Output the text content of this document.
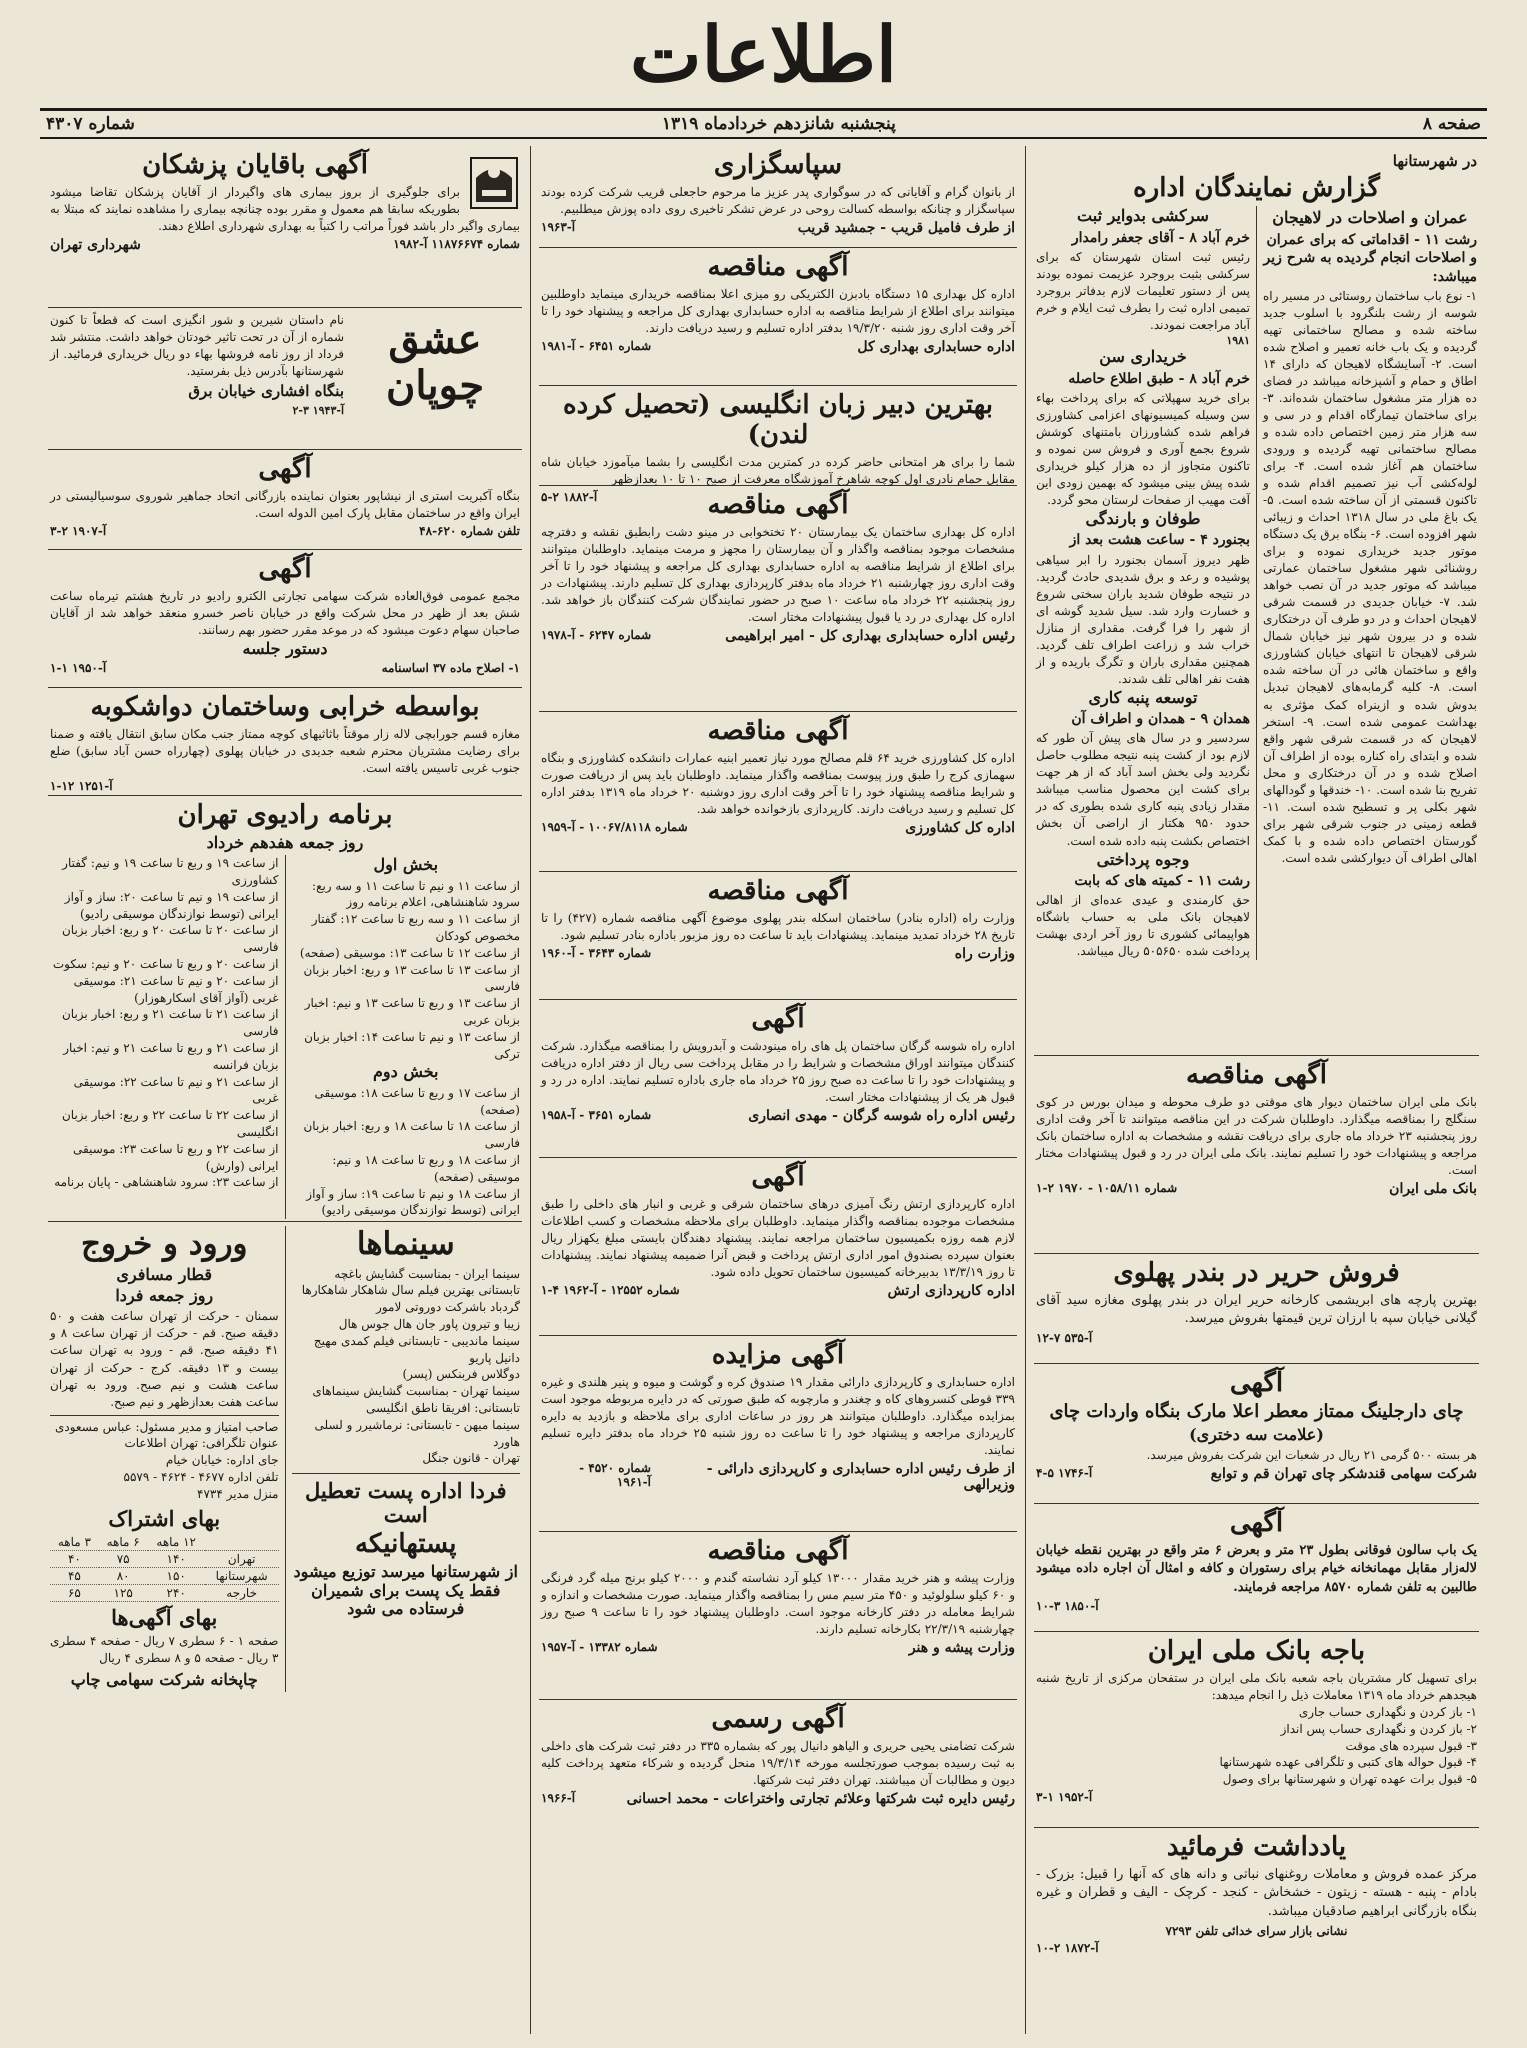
اطلاعات
صفحه ۸
پنجشنبه شانزدهم خردادماه ۱۳۱۹
شماره ۴۳۰۷
در شهرستانها
گزارش نمایندگان اداره
عمران و اصلاحات در لاهیجان
رشت ۱۱ - اقداماتی که برای عمران و اصلاحات انجام گردیده به شرح زیر میباشد:

۱- نوع باب ساختمان روستائی در مسیر راه شوسه از رشت بلنگرود با اسلوب جدید ساخته شده و مصالح ساختمانی تهیه گردیده و یک باب خانه تعمیر و اصلاح شده است. ۲- آسایشگاه لاهیجان که دارای ۱۴ اطاق و حمام و آشپزخانه میباشد در فضای ده هزار متر مشغول ساختمان شده‌اند. ۳- برای ساختمان تیمارگاه اقدام و در سی و سه هزار متر زمین اختصاص داده شده و مصالح ساختمانی تهیه گردیده و ورودی ساختمان هم آغاز شده است. ۴- برای لوله‌کشی آب نیز تصمیم اقدام شده و تاکنون قسمتی از آن ساخته شده است. ۵- یک باغ ملی در سال ۱۳۱۸ احداث و زیبائی شهر افزوده است. ۶- بنگاه برق یک دستگاه موتور جدید خریداری نموده و برای روشنائی شهر مشغول ساختمان عمارتی میباشد که موتور جدید در آن نصب خواهد شد. ۷- خیابان جدیدی در قسمت شرقی لاهیجان احداث و در دو طرف آن درختکاری شده و در بیرون شهر نیز خیابان شمال شرقی لاهیجان تا انتهای خیابان کشاورزی واقع و ساختمان هائی در آن ساخته شده است. ۸- کلیه گرمابه‌های لاهیجان تبدیل بدوش شده و ازینراه کمک مؤثری به بهداشت عمومی شده است. ۹- استخر لاهیجان که در قسمت شرقی شهر واقع شده و ابتدای راه کناره بوده از اطراف آن اصلاح شده و در آن درختکاری و محل تفریح بنا شده است. ۱۰- خندقها و گودالهای شهر بکلی پر و تسطیح شده است. ۱۱- قطعه زمینی در جنوب شرقی شهر برای گورستان اختصاص داده شده و با کمک اهالی اطراف آن دیوارکشی شده است.

سرکشی بدوایر ثبت
خرم آباد ۸ - آقای جعفر رامدار

رئیس ثبت استان شهرستان که برای سرکشی بثبت بروجرد عزیمت نموده بودند پس از دستور تعلیمات لازم بدفاتر بروجرد تمیمی اداره ثبت را بطرف ثبت ایلام و خرم آباد مراجعت نمودند.

۱۹۸۱
خریداری سن
خرم آباد ۸ - طبق اطلاع حاصله

برای خرید سهپلاتی که برای پرداخت بهاء سن وسیله کمیسیونهای اعزامی کشاورزی فراهم شده کشاورزان بامتنهای کوشش شروع بجمع آوری و فروش سن نموده و تاکنون متجاوز از ده هزار کیلو خریداری شده پیش بینی میشود که بهمین زودی این آفت مهیب از صفحات لرستان محو گردد.

طوفان و بارندگی
بجنورد ۴ - ساعت هشت بعد از

ظهر دیروز آسمان بجنورد را ابر سیاهی پوشیده و رعد و برق شدیدی حادث گردید. در نتیجه طوفان شدید باران سختی شروع و خسارت وارد شد. سیل شدید گوشه ای از شهر را فرا گرفت. مقداری از منازل خراب شد و زراعت اطراف تلف گردید. همچنین مقداری باران و تگرگ باریده و از هفت نفر اهالی تلف شدند.

توسعه پنبه کاری
همدان ۹ - همدان و اطراف آن

سردسیر و در سال های پیش آن طور که لازم بود از کشت پنبه نتیجه مطلوب حاصل نگردید ولی بخش اسد آباد که از هر جهت برای کشت این محصول مناسب میباشد مقدار زیادی پنبه کاری شده بطوری که در حدود ۹۵۰ هکتار از اراضی آن بخش اختصاص بکشت پنبه داده شده است.

وجوه پرداختی
رشت ۱۱ - کمیته های که بابت

حق کارمندی و عیدی عده‌ای از اهالی لاهیجان بانک ملی به حساب باشگاه هواپیمائی کشوری تا روز آخر اردی بهشت پرداخت شده ۵۰۵۶۵۰ ریال میباشد.

آگهی مناقصه

بانک ملی ایران ساختمان دیوار های موقتی دو طرف محوطه و میدان بورس در کوی سنگلج را بمناقصه میگذارد. داوطلبان شرکت در این مناقصه میتوانند تا آخر وقت اداری روز پنجشنبه ۲۳ خرداد ماه جاری برای دریافت نقشه و مشخصات به اداره ساختمان بانک مراجعه و پیشنهادات خود را تسلیم نمایند. بانک ملی ایران در رد و قبول پیشنهادات مختار است.

بانک ملی ایران
شماره ۱۰۵۸/۱۱ - ۱۹۷۰ ۲-۱
فروش حریر در بندر پهلوی

بهترین پارچه های ابریشمی کارخانه حریر ایران در بندر پهلوی مغازه سید آقای گیلانی خیابان سپه با ارزان ترین قیمتها بفروش میرسد.

آ-۵۳۵ ۷-۱۲
آگهی
چای دارجلینگ ممتاز معطر اعلا مارک بنگاه واردات چای
(علامت سه دختری)

هر بسته ۵۰۰ گرمی ۲۱ ریال در شعبات این شرکت بفروش میرسد.

شرکت سهامی قندشکر چای تهران قم و توابع
آ-۱۷۴۶ ۵-۴
آگهی

یک باب سالون فوقانی بطول ۲۳ متر و بعرض ۶ متر واقع در بهترین نقطه خیابان لاله‌زار مقابل مهمانخانه خیام برای رستوران و کافه و امثال آن اجاره داده میشود طالبین به تلفن شماره ۸۵۷۰ مراجعه فرمایند.

آ-۱۸۵۰ ۳-۱۰
باجه بانک ملی ایران

برای تسهیل کار مشتریان باجه شعبه بانک ملی ایران در ستفحان مرکزی از تاریخ شنبه هیجدهم خرداد ماه ۱۳۱۹ معاملات ذیل را انجام میدهد:

۱- باز کردن و نگهداری حساب جاری
۲- باز کردن و نگهداری حساب پس انداز
۳- قبول سپرده های موقت
۴- قبول حواله های کتبی و تلگرافی عهده شهرستانها
۵- قبول برات عهده تهران و شهرستانها برای وصول
آ-۱۹۵۲ ۱-۳
یادداشت فرمائید

مرکز عمده فروش و معاملات روغنهای نباتی و دانه های که آنها را قبیل: بزرک - بادام - پنبه - هسته - زیتون - خشخاش - کنجد - کرچک - الیف و قطران و غیره بنگاه بازرگانی ابراهیم صادقیان میباشد.

نشانی بازار سرای خدائی تلفن ۷۲۹۳
آ-۱۸۷۲ ۲-۱۰
سپاسگزاری

از بانوان گرام و آقایانی که در سوگواری پدر عزیز ما مرحوم حاجعلی قریب شرکت کرده بودند سپاسگزار و چنانکه بواسطه کسالت روحی در عرض تشکر تاخیری روی داده پوزش میطلبیم.

از طرف فامیل قریب - جمشید قریب
آ-۱۹۶۳
آگهی مناقصه

اداره کل بهداری ۱۵ دستگاه بادبزن الکتریکی رو میزی اعلا بمناقصه خریداری مینماید داوطلبین میتوانند برای اطلاع از شرایط مناقصه به اداره حسابداری بهداری کل مراجعه و پیشنهاد خود را تا آخر وقت اداری روز شنبه ۱۹/۳/۲۰ بدفتر اداره تسلیم و رسید دریافت دارند.

اداره حسابداری بهداری کل
شماره ۶۴۵۱ - آ-۱۹۸۱
بهترین دبیر زبان انگلیسی (تحصیل کرده لندن)

شما را برای هر امتحانی حاضر کرده در کمترین مدت انگلیسی را بشما میآموزد خیابان شاه مقابل حمام نادری اول کوچه شاهرخ آموزشگاه معرفت از صبح ۱۰ تا ۱۰ بعدازظهر

آ-۱۸۸۲ ۲-۵	آگهی مناقصه

اداره کل بهداری ساختمان یک بیمارستان ۲۰ تختخوابی در مینو دشت رابطبق نقشه و دفترچه مشخصات موجود بمناقصه واگذار و آن بیمارستان را مجهز و مرمت مینماید. داوطلبان میتوانند برای اطلاع از شرایط مناقصه به اداره حسابداری بهداری کل مراجعه و پیشنهاد خود را تا آخر وقت اداری روز چهارشنبه ۲۱ خرداد ماه بدفتر کارپردازی بهداری کل تسلیم دارند. پیشنهادات در روز پنجشنبه ۲۲ خرداد ماه ساعت ۱۰ صبح در حضور نمایندگان شرکت کنندگان باز خواهد شد. اداره کل بهداری در رد یا قبول پیشنهادات مختار است.

رئیس اداره حسابداری بهداری کل - امیر ابراهیمی
شماره ۶۲۴۷ - آ-۱۹۷۸
آگهی مناقصه

اداره کل کشاورزی خرید ۶۴ قلم مصالح مورد نیاز تعمیر ابنیه عمارات دانشکده کشاورزی و بنگاه سهمازی کرج را طبق ورز پیوست بمناقصه واگذار مینماید. داوطلبان باید پس از دریافت صورت و شرایط مناقصه پیشنهاد خود را تا آخر وقت اداری روز دوشنبه ۲۰ خرداد ماه ۱۳۱۹ بدفتر اداره کل تسلیم و رسید دریافت دارند. کارپردازی بازخوانده خواهد شد.

اداره کل کشاورزی
شماره ۱۰۰۶۷/۸۱۱۸ - آ-۱۹۵۹
آگهی مناقصه

وزارت راه (اداره بنادر) ساختمان اسکله بندر پهلوی موضوع آگهی مناقصه شماره (۴۲۷) را تا تاریخ ۲۸ خرداد تمدید مینماید. پیشنهادات باید تا ساعت ده روز مزبور باداره بنادر تسلیم شود.

وزارت راه
شماره ۳۶۴۳ - آ-۱۹۶۰
آگهی

اداره راه شوسه گرگان ساختمان پل های راه مینودشت و آبدرویش را بمناقصه میگذارد. شرکت کنندگان میتوانند اوراق مشخصات و شرایط را در مقابل پرداخت سی ریال از دفتر اداره دریافت و پیشنهادات خود را تا ساعت ده صبح روز ۲۵ خرداد ماه جاری باداره تسلیم نمایند. اداره در رد و قبول هر یک از پیشنهادات مختار است.

رئیس اداره راه شوسه گرگان - مهدی انصاری
شماره ۳۶۵۱ - آ-۱۹۵۸
آگهی

اداره کارپردازی ارتش رنگ آمیزی درهای ساختمان شرقی و غربی و انبار های داخلی را طبق مشخصات موجوده بمناقصه واگذار مینماید. داوطلبان برای ملاحظه مشخصات و کسب اطلاعات لازم همه روزه بکمیسیون ساختمان مراجعه نمایند. پیشنهاد دهندگان بایستی مبلغ یکهزار ریال بعنوان سپرده بصندوق امور اداری ارتش پرداخت و قبض آنرا ضمیمه پیشنهاد نمایند. پیشنهادات تا روز ۱۳/۳/۱۹ بدبیرخانه کمیسیون ساختمان تحویل داده شود.

اداره کارپردازی ارتش
شماره ۱۲۵۵۲ - آ-۱۹۶۲ ۴-۱
آگهی مزایده

اداره حسابداری و کارپردازی دارائی مقدار ۱۹ صندوق کره و گوشت و میوه و پنیر هلندی و غیره ۳۳۹ قوطی کنسروهای کاه و چغندر و مارچوبه که طبق صورتی که در دایره مربوطه موجود است بمزایده میگذارد. داوطلبان میتوانند هر روز در ساعات اداری برای ملاحظه و بازدید به دایره کارپردازی مراجعه و پیشنهاد خود را تا ساعت ده روز شنبه ۲۵ خرداد ماه بدفتر دایره تسلیم نمایند.

از طرف رئیس اداره حسابداری و کارپردازی دارائی - وزیرالهی
شماره ۴۵۲۰ - آ-۱۹۶۱
آگهی مناقصه

وزارت پیشه و هنر خرید مقدار ۱۳۰۰۰ کیلو آرد نشاسته گندم و ۲۰۰۰ کیلو برنج میله گرد فرنگی و ۶۰ کیلو سلولوئید و ۴۵۰ متر سیم مس را بمناقصه واگذار مینماید. صورت مشخصات و اندازه و شرایط معامله در دفتر کارخانه موجود است. داوطلبان پیشنهاد خود را تا ساعت ۹ صبح روز چهارشنبه ۲۲/۳/۱۹ بکارخانه تسلیم دارند.

وزارت پیشه و هنر
شماره ۱۳۳۸۲ - آ-۱۹۵۷
آگهی رسمی

شرکت تضامنی یحیی حریری و الیاهو دانیال پور که بشماره ۳۳۵ در دفتر ثبت شرکت های داخلی به ثبت رسیده بموجب صورتجلسه مورخه ۱۹/۳/۱۴ منحل گردیده و شرکاء متعهد پرداخت کلیه دیون و مطالبات آن میباشند. تهران دفتر ثبت شرکتها.

رئیس دایره ثبت شرکتها وعلائم تجارتی واختراعات - محمد احسانی
آ-۱۹۶۶
آگهی باقایان پزشکان

برای جلوگیری از بروز بیماری های واگیردار از آقایان پزشکان تقاضا میشود بطوریکه سابقا هم معمول و مقرر بوده چنانچه بیماری را مشاهده نمایند که مبتلا به بیماری واگیر دار باشد فوراً مراتب را کتباً به بهداری شهرداری اطلاع دهند.

شماره ۱۱۸۷۶۶۷۴ آ-۱۹۸۲
شهرداری تهران
عشق چوپان

نام داستان شیرین و شور انگیزی است که قطعاً تا کنون شماره از آن در تحت تاثیر خودتان خواهد داشت. منتشر شد فرداد از روز نامه فروشها بهاء دو ریال خریداری فرمائید. از شهرستانها بآدرس ذیل بفرستید.

بنگاه افشاری خیابان برق
آ-۱۹۴۳ ۳-۲
آگهی

بنگاه آکبریت استری از نیشاپور بعنوان نماینده بازرگانی اتحاد جماهیر شوروی سوسیالیستی در ایران واقع در ساختمان مقابل پارک امین الدوله است.

تلفن شماره ۶۲۰-۴۸
آ-۱۹۰۷ ۲-۳
آگهی

مجمع عمومی فوق‌العاده شرکت سهامی تجارتی الکترو رادیو در تاریخ هشتم تیرماه ساعت شش بعد از ظهر در محل شرکت واقع در خیابان ناصر خسرو منعقد خواهد شد از آقایان صاحبان سهام دعوت میشود که در موعد مقرر حضور بهم رسانند.

دستور جلسه
۱- اصلاح ماده ۳۷ اساسنامه
آ-۱۹۵۰ ۱-۱
بواسطه خرابی وساختمان دواشکوبه

مغازه قسم جورابچی لاله زار موقتاً باثاثیهای کوچه ممتاز جنب مکان سابق انتقال یافته و ضمنا برای رضایت مشتریان محترم شعبه جدیدی در خیابان پهلوی (چهارراه حسن آباد سابق) ضلع جنوب غربی تاسیس یافته است.

آ-۱۲۵۱ ۱۲-۱
برنامه رادیوی تهران
روز جمعه هفدهم خرداد
بخش اول
از ساعت ۱۱ و نیم تا ساعت ۱۱ و سه ربع: سرود شاهنشاهی، اعلام برنامه روز
از ساعت ۱۱ و سه ربع تا ساعت ۱۲: گفتار مخصوص کودکان
از ساعت ۱۲ تا ساعت ۱۳: موسیقی (صفحه)
از ساعت ۱۳ تا ساعت ۱۳ و ربع: اخبار بزبان فارسی
از ساعت ۱۳ و ربع تا ساعت ۱۳ و نیم: اخبار بزبان عربی
از ساعت ۱۳ و نیم تا ساعت ۱۴: اخبار بزبان ترکی
بخش دوم
از ساعت ۱۷ و ربع تا ساعت ۱۸: موسیقی (صفحه)
از ساعت ۱۸ تا ساعت ۱۸ و ربع: اخبار بزبان فارسی
از ساعت ۱۸ و ربع تا ساعت ۱۸ و نیم: موسیقی (صفحه)
از ساعت ۱۸ و نیم تا ساعت ۱۹: ساز و آواز ایرانی (توسط نوازندگان موسیقی رادیو)
از ساعت ۱۹ و ربع تا ساعت ۱۹ و نیم: گفتار کشاورزی
از ساعت ۱۹ و نیم تا ساعت ۲۰: ساز و آواز ایرانی (توسط نوازندگان موسیقی رادیو)
از ساعت ۲۰ تا ساعت ۲۰ و ربع: اخبار بزبان فارسی
از ساعت ۲۰ و ربع تا ساعت ۲۰ و نیم: سکوت
از ساعت ۲۰ و نیم تا ساعت ۲۱: موسیقی غربی (آواز آقای اسکارهوزار)
از ساعت ۲۱ تا ساعت ۲۱ و ربع: اخبار بزبان فارسی
از ساعت ۲۱ و ربع تا ساعت ۲۱ و نیم: اخبار بزبان فرانسه
از ساعت ۲۱ و نیم تا ساعت ۲۲: موسیقی غربی
از ساعت ۲۲ تا ساعت ۲۲ و ربع: اخبار بزبان انگلیسی
از ساعت ۲۲ و ربع تا ساعت ۲۳: موسیقی ایرانی (وارش)
از ساعت ۲۳: سرود شاهنشاهی - پایان برنامه
سینماها
سینما ایران - بمناسبت گشایش باغچه تابستانی بهترین فیلم سال شاهکار شاهکارها گردباد باشرکت دوروتی لامور
زیبا و تیرون پاور جان هال جوس هال
سینما ماندیبی - تابستانی فیلم کمدی مهیج دانیل پاریو
دوگلاس فربنکس (پسر)
سینما تهران - بمناسبت گشایش سینماهای تابستانی: افریقا ناطق انگلیسی
سینما میهن - تابستانی: نرماشیرر و لسلی هاورد
تهران - قانون جنگل
فردا اداره پست تعطیل است
پستهانیکه
از شهرستانها میرسد توزیع میشود فقط یک پست برای شمیران فرستاده می شود
ورود و خروج
قطار مسافری
روز جمعه فردا

سمنان - حرکت از تهران ساعت هفت و ۵۰ دقیقه صبح. قم - حرکت از تهران ساعت ۸ و ۴۱ دقیقه صبح. قم - ورود به تهران ساعت بیست و ۱۳ دقیقه. کرج - حرکت از تهران ساعت هشت و نیم صبح. ورود به تهران ساعت هفت بعدازظهر و نیم صبح.

صاحب امتیاز و مدیر مسئول: عباس مسعودی
عنوان تلگرافی: تهران اطلاعات
جای اداره: خیابان خیام
تلفن اداره ۴۶۷۷ - ۴۶۲۴ - ۵۵۷۹
منزل مدیر ۴۷۳۴
بهای اشتراک
	۱۲ ماهه	۶ ماهه	۳ ماهه
تهران	۱۴۰	۷۵	۴۰
شهرستانها	۱۵۰	۸۰	۴۵
خارجه	۲۴۰	۱۲۵	۶۵
بهای آگهی‌ها

صفحه ۱ - ۶ سطری ۷ ریال - صفحه ۴ سطری ۳ ریال - صفحه ۵ و ۸ سطری ۴ ریال

چاپخانه شرکت سهامی چاپ
